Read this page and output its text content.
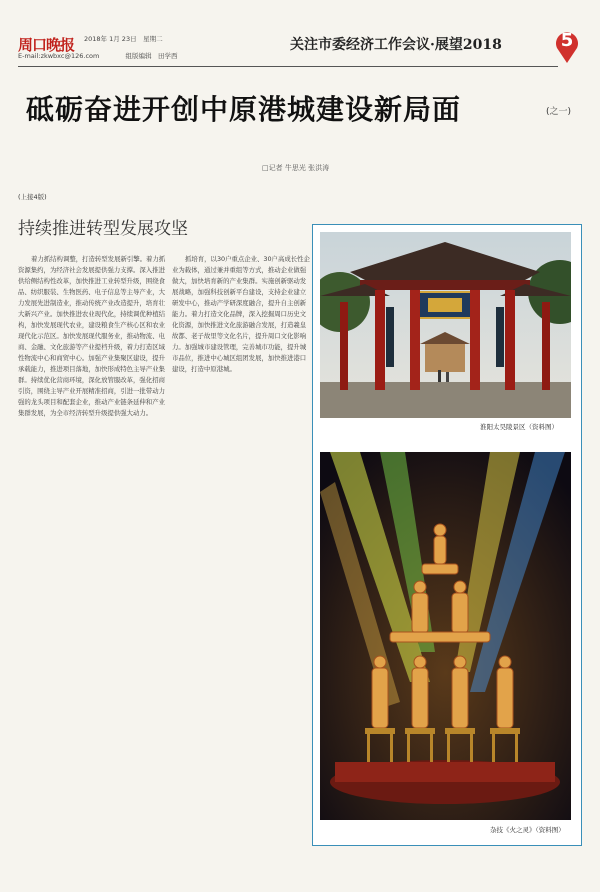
周口晚报 2018年 1月 23日　星期二
E-mail:zkwbxc@126.com	组版编辑　田学西
关注市委经济工作会议·展望2018	5
砥砺奋进开创中原港城建设新局面	(之一)
□记者 牛思光 张洪涛
(上接4版)
持续推进转型发展攻坚

着力抓结构调整，打造转型发展新引擎。着力抓资源集约，为经济社会发展提供强力支撑。深入推进供给侧结构性改革，加快推进工业转型升级，围绕食品、纺织服装、生物医药、电子信息等主导产业，大力发展先进制造业，推动传统产业改造提升，培育壮大新兴产业。加快推进农业现代化，持续调优种植结构，加快发展现代农业，建设粮食生产核心区和农业现代化示范区。加快发展现代服务业，推动物流、电商、金融、文化旅游等产业提档升级，着力打造区域性物流中心和商贸中心。加强产业集聚区建设，提升承载能力，推进项目落地，加快形成特色主导产业集群。持续优化营商环境，深化放管服改革，强化招商引资，围绕主导产业开展精准招商，引进一批带动力强的龙头项目和配套企业，推动产业链条延伸和产业集群发展，为全市经济转型升级提供强大动力。

抓培育，以30户重点企业、30户高成长性企业为载体，通过兼并重组等方式，推动企业做强做大，加快培育新的产业集群。实施创新驱动发展战略，加强科技创新平台建设，支持企业建立研发中心，推动产学研深度融合，提升自主创新能力。着力打造文化品牌，深入挖掘周口历史文化资源，加快推进文化旅游融合发展，打造羲皇故都、老子故里等文化名片，提升周口文化影响力。加强城市建设管理，完善城市功能，提升城市品位，推进中心城区组团发展，加快推进港口建设，打造中原港城。

淮阳太昊陵景区（资料图）
杂技《火之灵》（资料图）
